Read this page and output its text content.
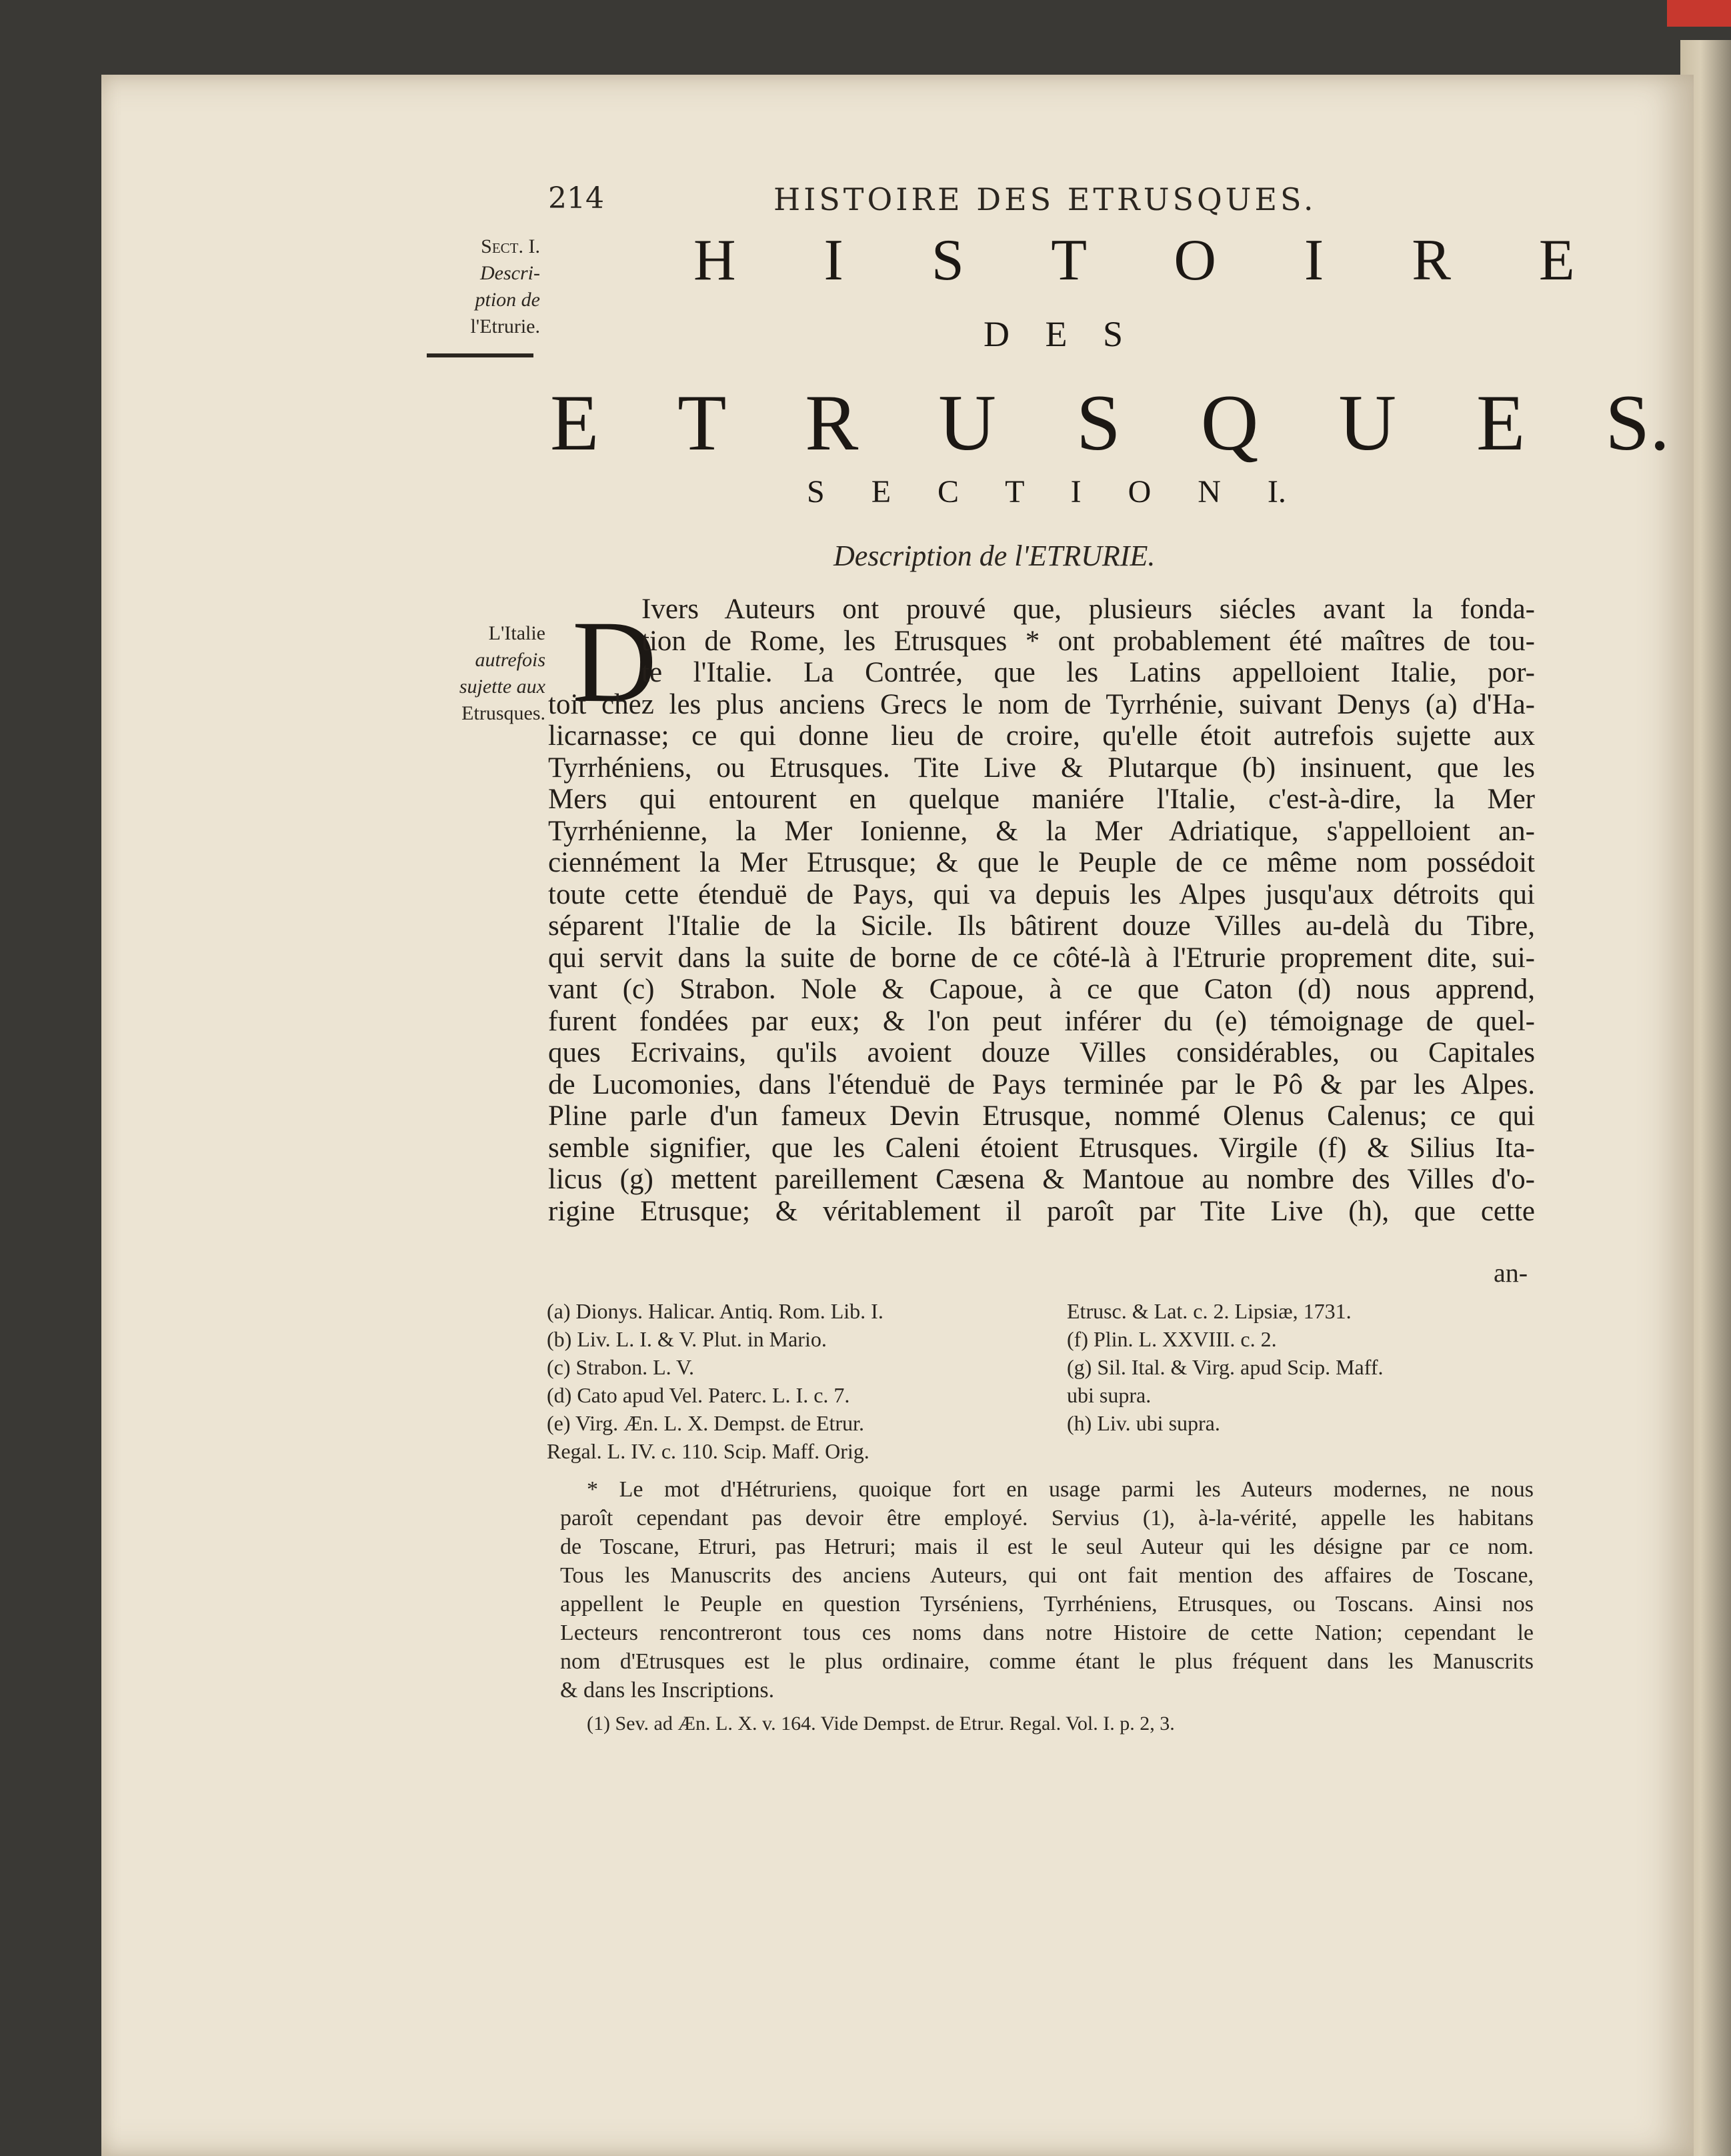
214	HISTOIRE DES ETRUSQUES.
Sect. I.
Descri-
ption de
l'Etrurie.
L'Italie
autrefois
sujette aux
Etrusques.
H I S T O I R E
D E S
E T R U S Q U E S.
S E C T I O N I.
Description de l'ETRURIE.
D
Ivers Auteurs ont prouvé que, plusieurs siécles avant la fonda-
tion de Rome, les Etrusques * ont probablement été maîtres de tou-
te l'Italie. La Contrée, que les Latins appelloient Italie, por-
toit chez les plus anciens Grecs le nom de Tyrrhénie, suivant Denys (a) d'Ha-
licarnasse; ce qui donne lieu de croire, qu'elle étoit autrefois sujette aux
Tyrrhéniens, ou Etrusques. Tite Live & Plutarque (b) insinuent, que les
Mers qui entourent en quelque maniére l'Italie, c'est-à-dire, la Mer
Tyrrhénienne, la Mer Ionienne, & la Mer Adriatique, s'appelloient an-
ciennément la Mer Etrusque; & que le Peuple de ce même nom possédoit
toute cette étenduë de Pays, qui va depuis les Alpes jusqu'aux détroits qui
séparent l'Italie de la Sicile. Ils bâtirent douze Villes au-delà du Tibre,
qui servit dans la suite de borne de ce côté-là à l'Etrurie proprement dite, sui-
vant (c) Strabon. Nole & Capoue, à ce que Caton (d) nous apprend,
furent fondées par eux; & l'on peut inférer du (e) témoignage de quel-
ques Ecrivains, qu'ils avoient douze Villes considérables, ou Capitales
de Lucomonies, dans l'étenduë de Pays terminée par le Pô & par les Alpes.
Pline parle d'un fameux Devin Etrusque, nommé Olenus Calenus; ce qui
semble signifier, que les Caleni étoient Etrusques. Virgile (f) & Silius Ita-
licus (g) mettent pareillement Cæsena & Mantoue au nombre des Villes d'o-
rigine Etrusque; & véritablement il paroît par Tite Live (h), que cette
an-
(a) Dionys. Halicar. Antiq. Rom. Lib. I.
(b) Liv. L. I. & V. Plut. in Mario.
(c) Strabon. L. V.
(d) Cato apud Vel. Paterc. L. I. c. 7.
(e) Virg. Æn. L. X. Dempst. de Etrur.
Regal. L. IV. c. 110. Scip. Maff. Orig.
Etrusc. & Lat. c. 2. Lipsiæ, 1731.
(f) Plin. L. XXVIII. c. 2.
(g) Sil. Ital. & Virg. apud Scip. Maff.
ubi supra.
(h) Liv. ubi supra.
* Le mot d'Hétruriens, quoique fort en usage parmi les Auteurs modernes, ne nous
paroît cependant pas devoir être employé. Servius (1), à-la-vérité, appelle les habitans
de Toscane, Etruri, pas Hetruri; mais il est le seul Auteur qui les désigne par ce nom.
Tous les Manuscrits des anciens Auteurs, qui ont fait mention des affaires de Toscane,
appellent le Peuple en question Tyrséniens, Tyrrhéniens, Etrusques, ou Toscans. Ainsi nos
Lecteurs rencontreront tous ces noms dans notre Histoire de cette Nation; cependant le
nom d'Etrusques est le plus ordinaire, comme étant le plus fréquent dans les Manuscrits
& dans les Inscriptions.
(1) Sev. ad Æn. L. X. v. 164. Vide Dempst. de Etrur. Regal. Vol. I. p. 2, 3.
